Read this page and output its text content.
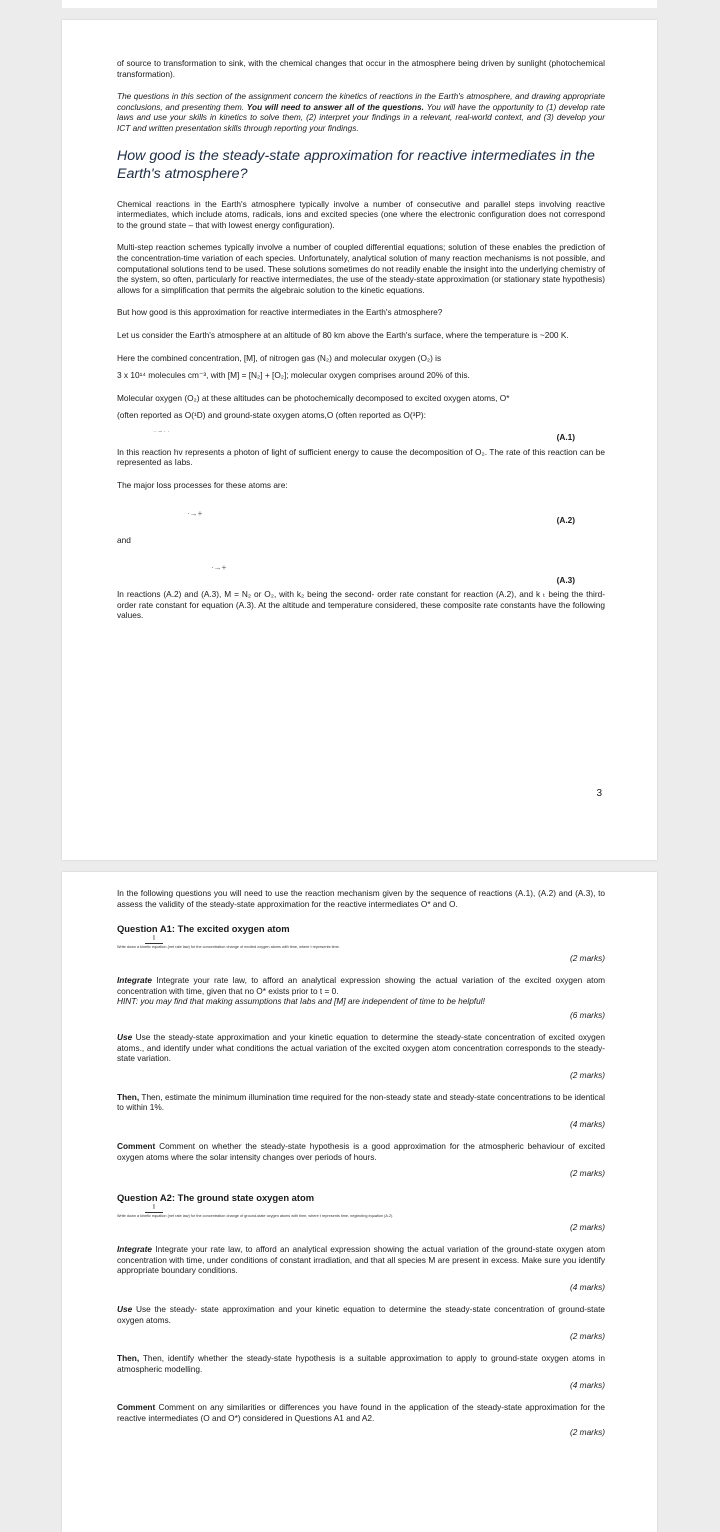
of source to transformation to sink, with the chemical changes that occur in the atmosphere being driven by sunlight (photochemical transformation).

The questions in this section of the assignment concern the kinetics of reactions in the Earth's atmosphere, and drawing appropriate conclusions, and presenting them. You will need to answer all of the questions. You will have the opportunity to (1) develop rate laws and use your skills in kinetics to solve them, (2) interpret your findings in a relevant, real-world context, and (3) develop your ICT and written presentation skills through reporting your findings.

How good is the steady-state approximation for reactive intermediates in the Earth's atmosphere?

Chemical reactions in the Earth's atmosphere typically involve a number of consecutive and parallel steps involving reactive intermediates, which include atoms, radicals, ions and excited species (one where the electronic configuration does not correspond to the ground state – that with lowest energy configuration).

Multi-step reaction schemes typically involve a number of coupled differential equations; solution of these enables the prediction of the concentration-time variation of each species. Unfortunately, analytical solution of many reaction mechanisms is not possible, and computational solutions tend to be used. These solutions sometimes do not readily enable the insight into the underlying chemistry of the system, so often, particularly for reactive intermediates, the use of the steady-state approximation (or stationary state hypothesis) allows for a simplification that permits the algebraic solution to the kinetic equations.

But how good is this approximation for reactive intermediates in the Earth's atmosphere?

Let us consider the Earth's atmosphere at an altitude of 80 km above the Earth's surface, where the temperature is ~200 K.

Here the combined concentration, [M], of nitrogen gas (N₂) and molecular oxygen (O₂) is

3 x 10¹⁴ molecules cm⁻³, with [M] = [N₂] + [O₂]; molecular oxygen comprises around 20% of this.

Molecular oxygen (O₂) at these altitudes can be photochemically decomposed to excited oxygen atoms, O*

(often reported as O(¹D) and ground-state oxygen atoms,O (often reported as O(³P):

·· – · ·	(A.1)

In this reaction hv represents a photon of light of sufficient energy to cause the decomposition of O₂. The rate of this reaction can be represented as Iabs.

The major loss processes for these atoms are:

·→+
(A.2)

and

·→+
(A.3)

In reactions (A.2) and (A.3), M = N₂ or O₂, with k₂ being the second- order rate constant for reaction (A.2), and k ₜ being the third-order rate constant for equation (A.3). At the altitude and temperature considered, these composite rate constants have the following values.

3

In the following questions you will need to use the reaction mechanism given by the sequence of reactions (A.1), (A.2) and (A.3), to assess the validity of the steady-state approximation for the reactive intermediates O* and O.

Question A1: The excited oxygen atom
I
Write down a kinetic equation (net rate law) for the concentration change of excited oxygen atoms with time, where t represents time.
(2 marks)

Integrate Integrate your rate law, to afford an analytical expression showing the actual variation of the excited oxygen atom concentration with time, given that no O* exists prior to t = 0.

HINT: you may find that making assumptions that Iabs and [M] are independent of time to be helpful!

(6 marks)

Use Use the steady-state approximation and your kinetic equation to determine the steady-state concentration of excited oxygen atoms., and identify under what conditions the actual variation of the excited oxygen atom concentration corresponds to the steady-state variation.

(2 marks)

Then, Then, estimate the minimum illumination time required for the non-steady state and steady-state concentrations to be identical to within 1%.

(4 marks)

Comment Comment on whether the steady-state hypothesis is a good approximation for the atmospheric behaviour of excited oxygen atoms where the solar intensity changes over periods of hours.

(2 marks)
Question A2: The ground state oxygen atom
I
Write down a kinetic equation (net rate law) for the concentration change of ground-state oxygen atoms with time, where t represents time, neglecting equation (A.2)
(2 marks)

Integrate Integrate your rate law, to afford an analytical expression showing the actual variation of the ground-state oxygen atom concentration with time, under conditions of constant irradiation, and that all species M are present in excess. Make sure you identify appropriate boundary conditions.

(4 marks)

Use Use the steady- state approximation and your kinetic equation to determine the steady-state concentration of ground-state oxygen atoms.

(2 marks)

Then, Then, identify whether the steady-state hypothesis is a suitable approximation to apply to ground-state oxygen atoms in atmospheric modelling.

(4 marks)

Comment Comment on any similarities or differences you have found in the application of the steady-state approximation for the reactive intermediates (O and O*) considered in Questions A1 and A2.

(2 marks)
